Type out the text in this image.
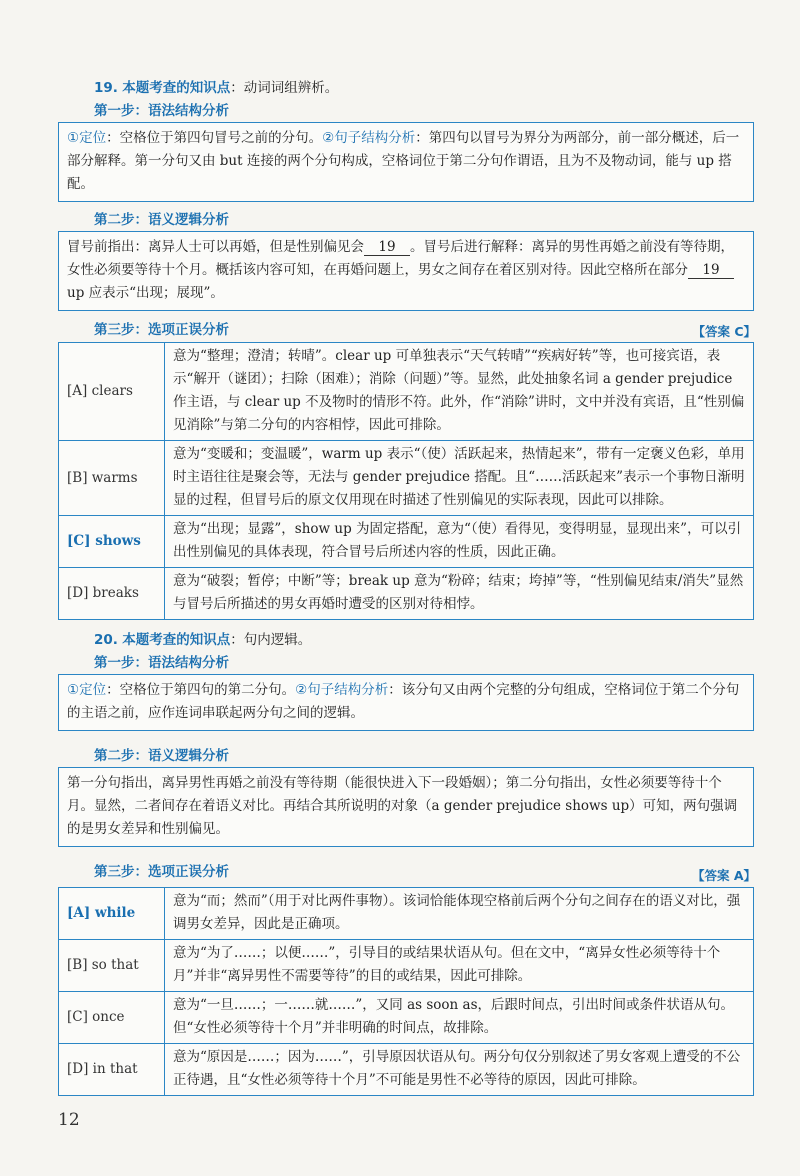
19. 本题考查的知识点：动词词组辨析。
第一步：语法结构分析
①定位：空格位于第四句冒号之前的分句。②句子结构分析：第四句以冒号为界分为两部分，前一部分概述，后一部分解释。第一分句又由 but 连接的两个分句构成，空格词位于第二分句作谓语，且为不及物动词，能与 up 搭配。
第二步：语义逻辑分析
冒号前指出：离异人士可以再婚，但是性别偏见会 19 。冒号后进行解释：离异的男性再婚之前没有等待期，女性必须要等待十个月。概括该内容可知，在再婚问题上，男女之间存在着区别对待。因此空格所在部分 19up 应表示“出现；展现”。
第三步：选项正误分析	【答案 C】
[A] clears	意为“整理；澄清；转晴”。clear up 可单独表示“天气转晴”“疾病好转”等，也可接宾语，表示“解开（谜团）；扫除（困难）；消除（问题）”等。显然，此处抽象名词 a gender prejudice 作主语，与 clear up 不及物时的情形不符。此外，作“消除”讲时，文中并没有宾语，且“性别偏见消除”与第二分句的内容相悖，因此可排除。
[B] warms	意为“变暖和；变温暖”，warm up 表示“（使）活跃起来，热情起来”，带有一定褒义色彩，单用时主语往往是聚会等，无法与 gender prejudice 搭配。且“……活跃起来”表示一个事物日渐明显的过程，但冒号后的原文仅用现在时描述了性别偏见的实际表现，因此可以排除。
[C] shows	意为“出现；显露”，show up 为固定搭配，意为“（使）看得见，变得明显，显现出来”，可以引出性别偏见的具体表现，符合冒号后所述内容的性质，因此正确。
[D] breaks	意为“破裂；暂停；中断”等；break up 意为“粉碎；结束；垮掉”等，“性别偏见结束/消失”显然与冒号后所描述的男女再婚时遭受的区别对待相悖。
20. 本题考查的知识点：句内逻辑。
第一步：语法结构分析
①定位：空格位于第四句的第二分句。②句子结构分析：该分句又由两个完整的分句组成，空格词位于第二个分句的主语之前，应作连词串联起两分句之间的逻辑。
第二步：语义逻辑分析
第一分句指出，离异男性再婚之前没有等待期（能很快进入下一段婚姻）；第二分句指出，女性必须要等待十个月。显然，二者间存在着语义对比。再结合其所说明的对象（a gender prejudice shows up）可知，两句强调的是男女差异和性别偏见。
第三步：选项正误分析	【答案 A】
[A] while	意为“而；然而”（用于对比两件事物）。该词恰能体现空格前后两个分句之间存在的语义对比，强调男女差异，因此是正确项。
[B] so that	意为“为了……；以便……”，引导目的或结果状语从句。但在文中，“离异女性必须等待十个月”并非“离异男性不需要等待”的目的或结果，因此可排除。
[C] once	意为“一旦……；一……就……”，又同 as soon as，后跟时间点，引出时间或条件状语从句。但“女性必须等待十个月”并非明确的时间点，故排除。
[D] in that	意为“原因是……；因为……”，引导原因状语从句。两分句仅分别叙述了男女客观上遭受的不公正待遇，且“女性必须等待十个月”不可能是男性不必等待的原因，因此可排除。
12
